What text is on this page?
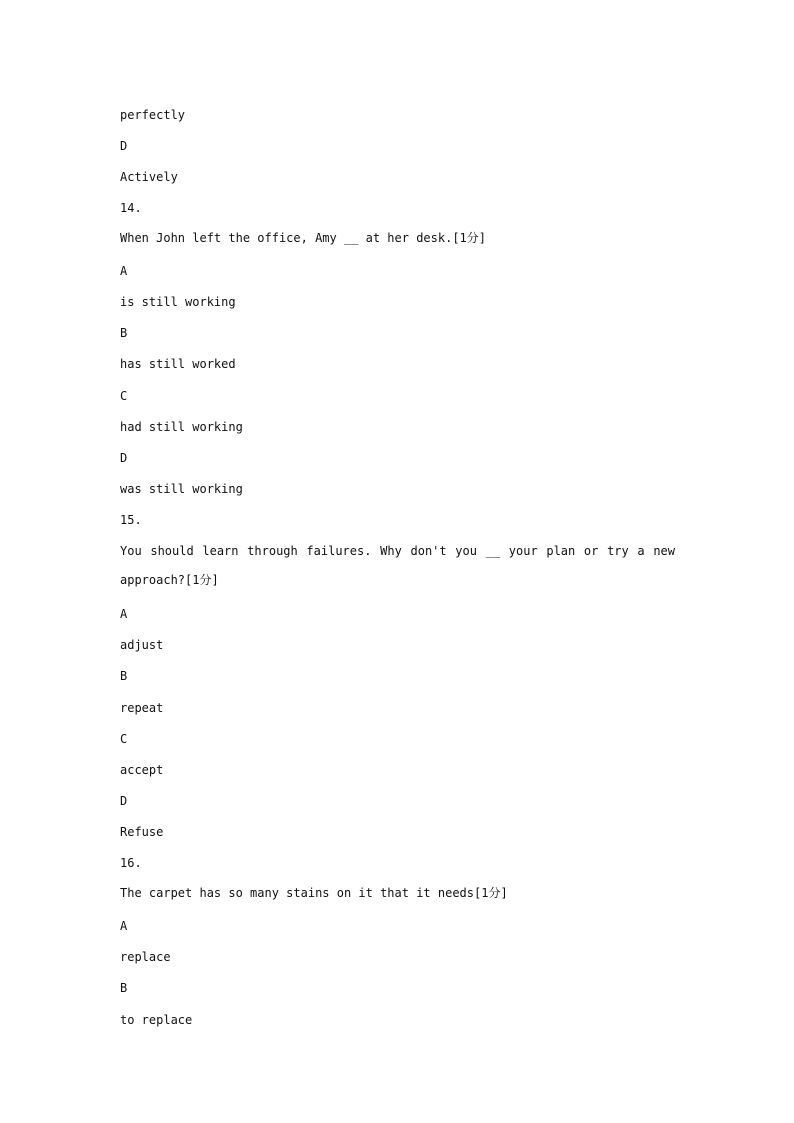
perfectly
D
Actively
14.
When John left the office, Amy __ at her desk.[1分]
A
is still working
B
has still worked
C
had still working
D
was still working
15.
You should learn through failures. Why don't you __ your plan or try a new approach?[1分]
A
adjust
B
repeat
C
accept
D
Refuse
16.
The carpet has so many stains on it that it needs[1分]
A
replace
B
to replace
